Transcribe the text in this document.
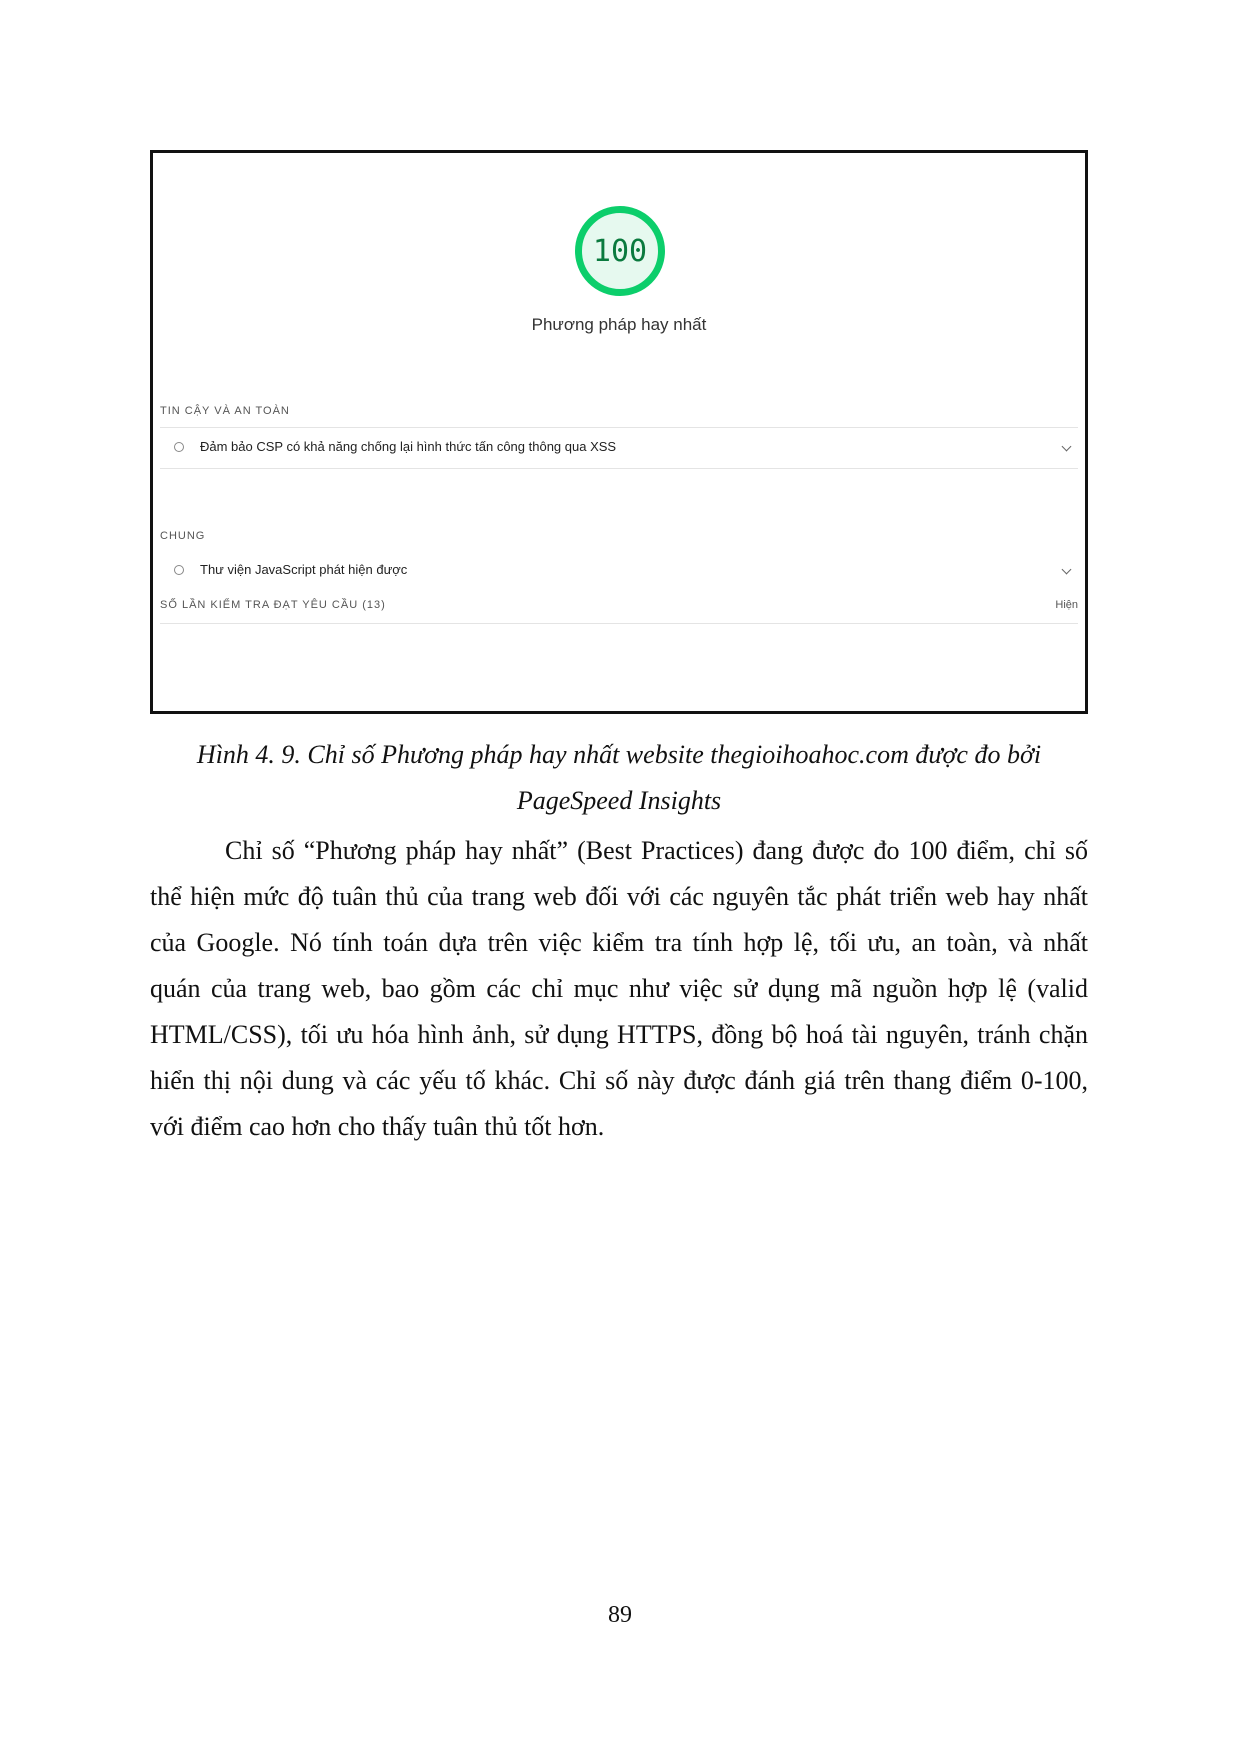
100
Phương pháp hay nhất
TIN CẬY VÀ AN TOÀN
Đảm bảo CSP có khả năng chống lại hình thức tấn công thông qua XSS
CHUNG
Thư viện JavaScript phát hiện được
SỐ LẦN KIỂM TRA ĐẠT YÊU CẦU (13)	Hiện
Hình 4. 9. Chỉ số Phương pháp hay nhất website thegioihoahoc.com được đo bởi
PageSpeed Insights
Chỉ số “Phương pháp hay nhất” (Best Practices) đang được đo 100 điểm, chỉ số
thể hiện mức độ tuân thủ của trang web đối với các nguyên tắc phát triển web hay nhất
của Google. Nó tính toán dựa trên việc kiểm tra tính hợp lệ, tối ưu, an toàn, và nhất
quán của trang web, bao gồm các chỉ mục như việc sử dụng mã nguồn hợp lệ (valid
HTML/CSS), tối ưu hóa hình ảnh, sử dụng HTTPS, đồng bộ hoá tài nguyên, tránh chặn
hiển thị nội dung và các yếu tố khác. Chỉ số này được đánh giá trên thang điểm 0-100,
với điểm cao hơn cho thấy tuân thủ tốt hơn.
89
